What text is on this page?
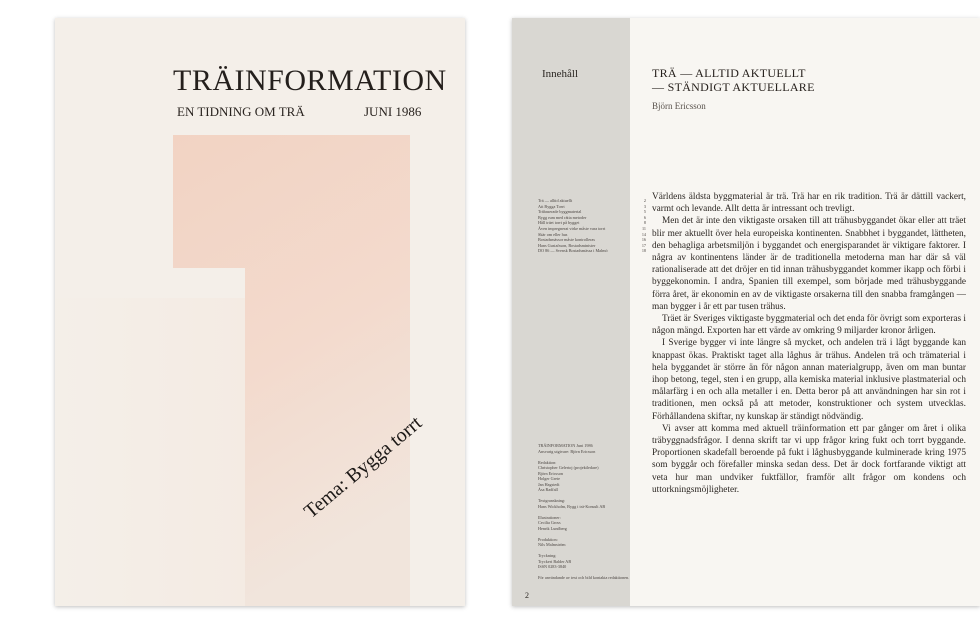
TRÄINFORMATION
EN TIDNING OM TRÄ	JUNI 1986
Tema: Bygga torrt
Innehåll	TRÄ — ALLTID AKTUELLT
— STÄNDIGT AKTUELLARE
Björn Ericsson
Trä — alltid aktuellt	2
Att Bygga Torrt	3
Träbaserade byggmaterial	5
Bygg rum med rätta metoder	6
Håll träet torrt på bygget	8
Även impregnerat virke måste vara torrt	11
Skär om eller hus	14
Bostadsmässor måste kontrolleras	16
Hans Gustafsson, Bostadsminister	17
DO 86 — Svensk Bostadsmässa i Malmö	18
TRÄINFORMATION Juni 1986
Ansvarig utgivare: Björn Ericsson
Redaktion:
Christopher Gelertoj (projektledare)
Björn Ericsson
Holger Grete
Jan Hagstedt
Åsa Radfall
Textgranskning:
Hans Wickholm, Bygg i trä-Konsult AB
Illustrationer:
Cecilia Gross
Henrik Lundberg
Produktion:
Nils Malmström
Tryckning:
Tryckeri Balder AB
ISSN 0283-3840
För användande av text och bild kontakta redaktionen.

Världens äldsta byggmaterial är trä. Trä har en rik tradition. Trä är dättill vackert, varmt och levande. Allt detta är intressant och trevligt.

Men det är inte den viktigaste orsaken till att trähusbyggandet ökar eller att träet blir mer aktuellt över hela europeiska kontinenten. Snabbhet i byggandet, lättheten, den behagliga arbetsmiljön i byggandet och energisparandet är viktigare faktorer. I några av kontinentens länder är de traditionella metoderna man har där så väl rationaliserade att det dröjer en tid innan trähusbyggandet kommer ikapp och förbi i byggekonomin. I andra, Spanien till exempel, som började med trähusbyggande förra året, är ekonomin en av de viktigaste orsakerna till den snabba framgången — man bygger i år ett par tusen trähus.

Träet är Sveriges viktigaste byggmaterial och det enda för övrigt som exporteras i någon mängd. Exporten har ett värde av omkring 9 miljarder kronor årligen.

I Sverige bygger vi inte längre så mycket, och andelen trä i lågt byggande kan knappast ökas. Praktiskt taget alla låghus är trähus. Andelen trä och trämaterial i hela byggandet är större än för någon annan materialgrupp, även om man buntar ihop betong, tegel, sten i en grupp, alla kemiska material inklusive plastmaterial och målarfärg i en och alla metaller i en. Detta beror på att användningen har sin rot i traditionen, men också på att metoder, konstruktioner och system utvecklas. Förhållandena skiftar, ny kunskap är ständigt nödvändig.

Vi avser att komma med aktuell träinformation ett par gånger om året i olika träbyggnadsfrågor. I denna skrift tar vi upp frågor kring fukt och torrt byggande. Proportionen skadefall beroende på fukt i låghusbyggande kulminerade kring 1975 som byggår och förefaller minska sedan dess. Det är dock fortfarande viktigt att veta hur man undviker fuktfällor, framför allt frågor om kondens och uttorkningsmöjligheter.

2
